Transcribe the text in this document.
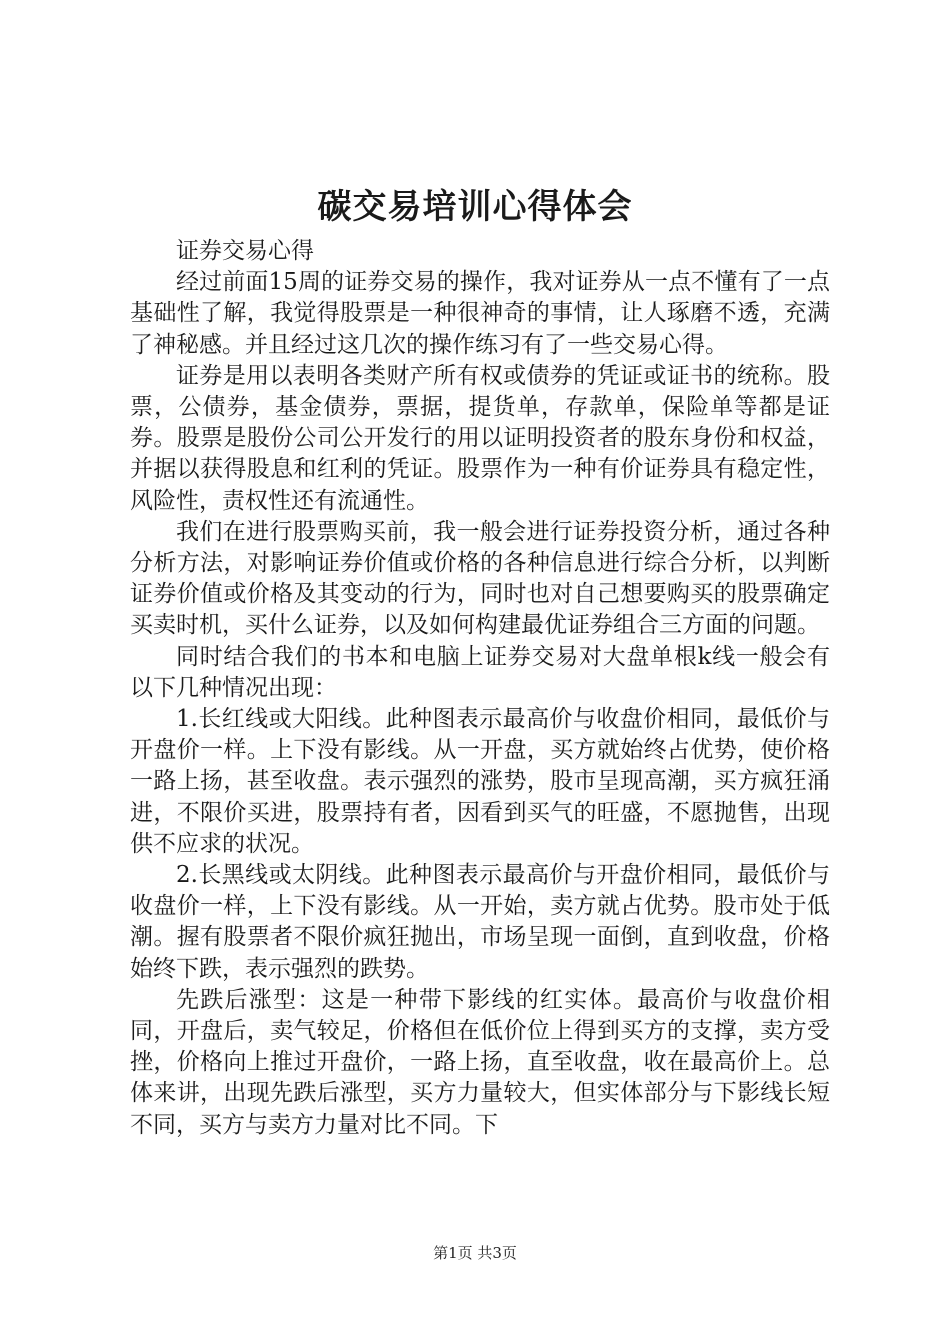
碳交易培训心得体会

证券交易心得

经过前面15周的证券交易的操作，我对证券从一点不懂有了一点基础性了解，我觉得股票是一种很神奇的事情，让人琢磨不透，充满了神秘感。并且经过这几次的操作练习有了一些交易心得。

证券是用以表明各类财产所有权或债券的凭证或证书的统称。股票，公债券，基金债券，票据，提货单，存款单，保险单等都是证券。股票是股份公司公开发行的用以证明投资者的股东身份和权益，并据以获得股息和红利的凭证。股票作为一种有价证券具有稳定性，风险性，责权性还有流通性。

我们在进行股票购买前，我一般会进行证券投资分析，通过各种分析方法，对影响证券价值或价格的各种信息进行综合分析，以判断证券价值或价格及其变动的行为，同时也对自己想要购买的股票确定买卖时机，买什么证券，以及如何构建最优证券组合三方面的问题。

同时结合我们的书本和电脑上证券交易对大盘单根k线一般会有以下几种情况出现：

1.长红线或大阳线。此种图表示最高价与收盘价相同，最低价与开盘价一样。上下没有影线。从一开盘，买方就始终占优势，使价格一路上扬，甚至收盘。表示强烈的涨势，股市呈现高潮，买方疯狂涌进，不限价买进，股票持有者，因看到买气的旺盛，不愿抛售，出现供不应求的状况。

2.长黑线或太阴线。此种图表示最高价与开盘价相同，最低价与收盘价一样，上下没有影线。从一开始，卖方就占优势。股市处于低潮。握有股票者不限价疯狂抛出，市场呈现一面倒，直到收盘，价格始终下跌，表示强烈的跌势。

先跌后涨型：这是一种带下影线的红实体。最高价与收盘价相同，开盘后，卖气较足，价格但在低价位上得到买方的支撑，卖方受挫，价格向上推过开盘价，一路上扬，直至收盘，收在最高价上。总体来讲，出现先跌后涨型，买方力量较大，但实体部分与下影线长短不同，买方与卖方力量对比不同。下

第1页 共3页
